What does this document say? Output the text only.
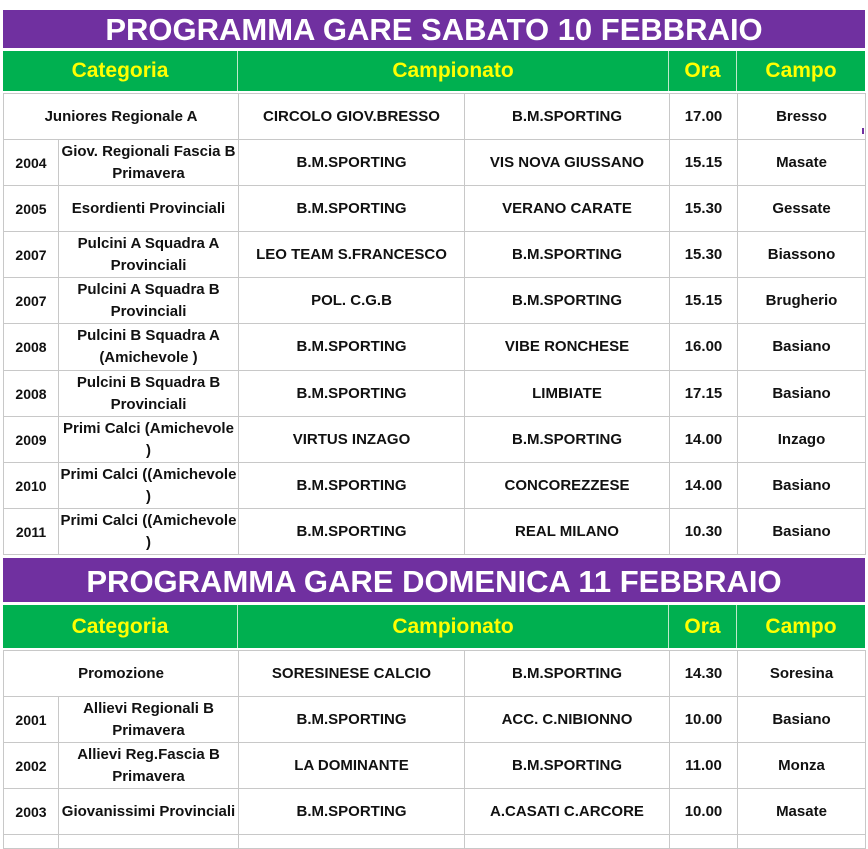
PROGRAMMA GARE SABATO 10 FEBBRAIO
Categoria	Campionato	Ora	Campo
Juniores Regionale A		CIRCOLO GIOV.BRESSO	B.M.SPORTING	17.00	Bresso
2004	Giov. Regionali Fascia B Primavera	B.M.SPORTING	VIS NOVA GIUSSANO	15.15	Masate
2005	Esordienti Provinciali	B.M.SPORTING	VERANO CARATE	15.30	Gessate
2007	Pulcini A Squadra A Provinciali	LEO TEAM S.FRANCESCO	B.M.SPORTING	15.30	Biassono
2007	Pulcini A Squadra B Provinciali	POL. C.G.B	B.M.SPORTING	15.15	Brugherio
2008	Pulcini B Squadra A (Amichevole )	B.M.SPORTING	VIBE RONCHESE	16.00	Basiano
2008	Pulcini B Squadra B Provinciali	B.M.SPORTING	LIMBIATE	17.15	Basiano
2009	Primi Calci (Amichevole )	VIRTUS INZAGO	B.M.SPORTING	14.00	Inzago
2010	Primi Calci ((Amichevole )	B.M.SPORTING	CONCOREZZESE	14.00	Basiano
2011	Primi Calci ((Amichevole )	B.M.SPORTING	REAL MILANO	10.30	Basiano
PROGRAMMA GARE DOMENICA 11 FEBBRAIO
Categoria	Campionato	Ora	Campo
Promozione		SORESINESE CALCIO	B.M.SPORTING	14.30	Soresina
2001	Allievi Regionali B Primavera	B.M.SPORTING	ACC. C.NIBIONNO	10.00	Basiano
2002	Allievi Reg.Fascia B Primavera	LA DOMINANTE	B.M.SPORTING	11.00	Monza
2003	Giovanissimi Provinciali	B.M.SPORTING	A.CASATI C.ARCORE	10.00	Masate
